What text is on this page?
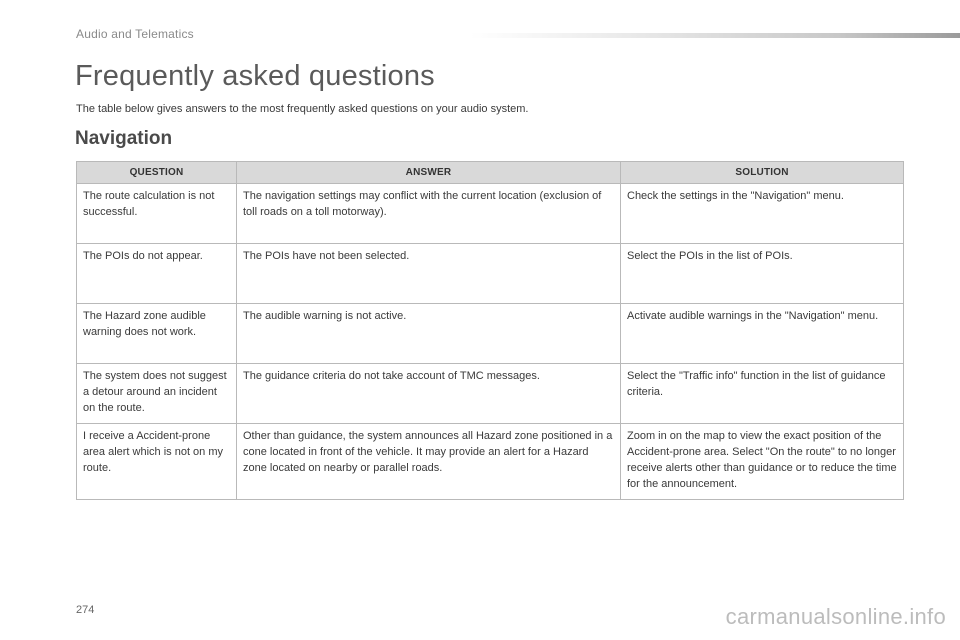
Audio and Telematics
Frequently asked questions

The table below gives answers to the most frequently asked questions on your audio system.

Navigation
QUESTION	ANSWER	SOLUTION
The route calculation is not successful.	The navigation settings may conflict with the current location (exclusion of toll roads on a toll motorway).	Check the settings in the "Navigation" menu.
The POIs do not appear.	The POIs have not been selected.	Select the POIs in the list of POIs.
The Hazard zone audible warning does not work.	The audible warning is not active.	Activate audible warnings in the "Navigation" menu.
The system does not suggest a detour around an incident on the route.	The guidance criteria do not take account of TMC messages.	Select the "Traffic info" function in the list of guidance criteria.
I receive a Accident-prone area alert which is not on my route.	Other than guidance, the system announces all Hazard zone positioned in a cone located in front of the vehicle. It may provide an alert for a Hazard zone located on nearby or parallel roads.	Zoom in on the map to view the exact position of the Accident-prone area. Select "On the route" to no longer receive alerts other than guidance or to reduce the time for the announcement.
274	carmanualsonline.info
